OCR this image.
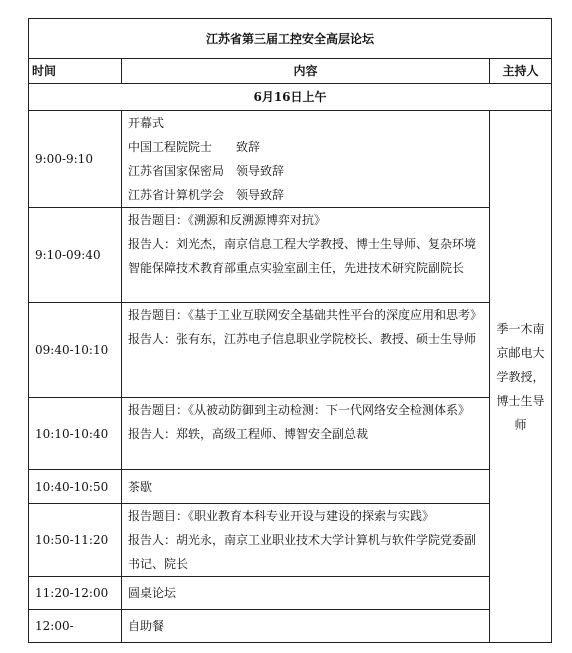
江苏省第三届工控安全高层论坛		
时间	内容	主持人
6月16日上午		
9:00-9:10	开幕式
中国工程院院士　　致辞
江苏省国家保密局　领导致辞
江苏省计算机学会　领导致辞	季一木南京邮电大学教授，博士生导师
9:10-09:40	报告题目：《溯源和反溯源博弈对抗》
报告人：刘光杰，南京信息工程大学教授、博士生导师、复杂环境智能保障技术教育部重点实验室副主任，先进技术研究院副院长	

09:40-10:10	报告题目：《基于工业互联网安全基础共性平台的深度应用和思考》
报告人：张有东，江苏电子信息职业学院校长、教授、硕士生导师	

10:10-10:40	报告题目：《从被动防御到主动检测：下一代网络安全检测体系》
报告人：郑轶，高级工程师、博智安全副总裁	

10:40-10:50	茶歇	

10:50-11:20	报告题目：《职业教育本科专业开设与建设的探索与实践》
报告人：胡光永，南京工业职业技术大学计算机与软件学院党委副书记、院长	

11:20-12:00	圆桌论坛	

12:00-	自助餐	
